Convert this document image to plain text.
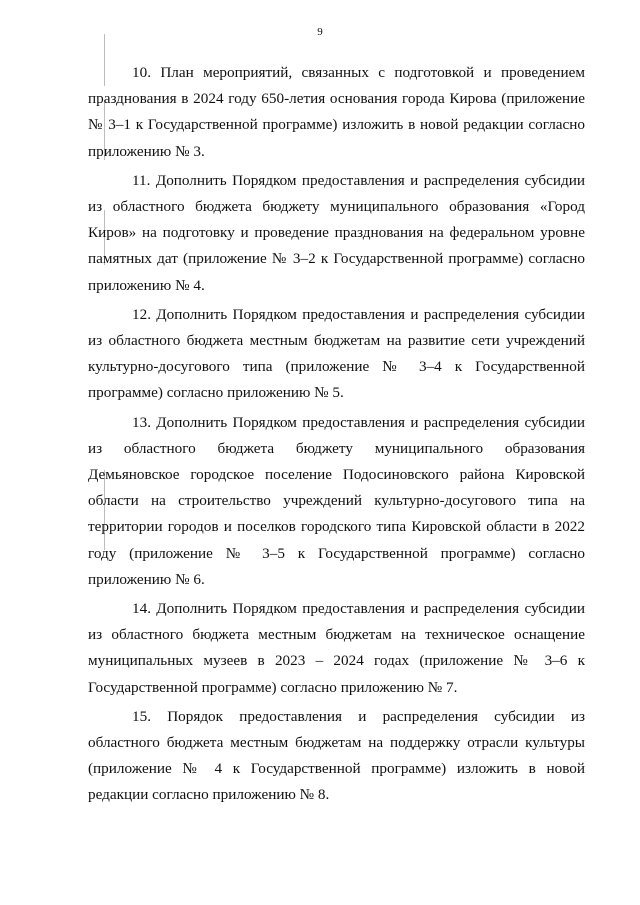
9

10. План мероприятий, связанных с подготовкой и проведением празднования в 2024 году 650-летия основания города Кирова (приложение № 3–1 к Государственной программе) изложить в новой редакции согласно приложению № 3.

11. Дополнить Порядком предоставления и распределения субсидии из областного бюджета бюджету муниципального образования «Город Киров» на подготовку и проведение празднования на федеральном уровне памятных дат (приложение № 3–2 к Государственной программе) согласно приложению № 4.

12. Дополнить Порядком предоставления и распределения субсидии из областного бюджета местным бюджетам на развитие сети учреждений культурно-досугового типа (приложение № 3–4 к Государственной программе) согласно приложению № 5.

13. Дополнить Порядком предоставления и распределения субсидии из областного бюджета бюджету муниципального образования Демьяновское городское поселение Подосиновского района Кировской области на строительство учреждений культурно-досугового типа на территории городов и поселков городского типа Кировской области в 2022 году (приложение № 3–5 к Государственной программе) согласно приложению № 6.

14. Дополнить Порядком предоставления и распределения субсидии из областного бюджета местным бюджетам на техническое оснащение муниципальных музеев в 2023 – 2024 годах (приложение № 3–6 к Государственной программе) согласно приложению № 7.

15. Порядок предоставления и распределения субсидии из областного бюджета местным бюджетам на поддержку отрасли культуры (приложение № 4 к Государственной программе) изложить в новой редакции согласно приложению № 8.
